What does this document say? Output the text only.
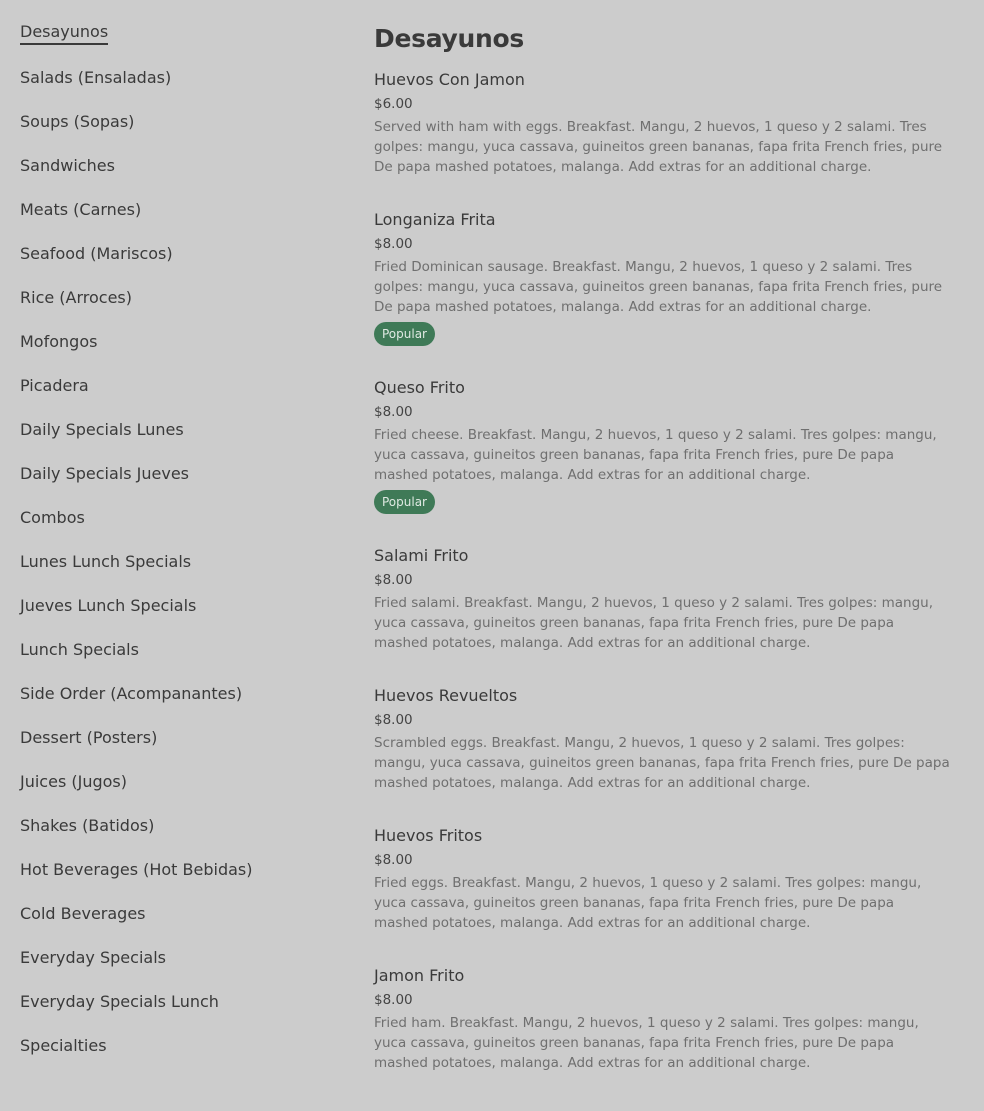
Desayunos
Salads (Ensaladas)
Soups (Sopas)
Sandwiches
Meats (Carnes)
Seafood (Mariscos)
Rice (Arroces)
Mofongos
Picadera
Daily Specials Lunes
Daily Specials Jueves
Combos
Lunes Lunch Specials
Jueves Lunch Specials
Lunch Specials
Side Order (Acompanantes)
Dessert (Posters)
Juices (Jugos)
Shakes (Batidos)
Hot Beverages (Hot Bebidas)
Cold Beverages
Everyday Specials
Everyday Specials Lunch
Specialties
Desayunos
Huevos Con Jamon
$6.00
Served with ham with eggs. Breakfast. Mangu, 2 huevos, 1 queso y 2 salami. Tres golpes: mangu, yuca cassava, guineitos green bananas, fapa frita French fries, pure De papa mashed potatoes, malanga. Add extras for an additional charge.
Longaniza Frita
$8.00
Fried Dominican sausage. Breakfast. Mangu, 2 huevos, 1 queso y 2 salami. Tres golpes: mangu, yuca cassava, guineitos green bananas, fapa frita French fries, pure De papa mashed potatoes, malanga. Add extras for an additional charge.
Popular
Queso Frito
$8.00
Fried cheese. Breakfast. Mangu, 2 huevos, 1 queso y 2 salami. Tres golpes: mangu, yuca cassava, guineitos green bananas, fapa frita French fries, pure De papa mashed potatoes, malanga. Add extras for an additional charge.
Popular
Salami Frito
$8.00
Fried salami. Breakfast. Mangu, 2 huevos, 1 queso y 2 salami. Tres golpes: mangu, yuca cassava, guineitos green bananas, fapa frita French fries, pure De papa mashed potatoes, malanga. Add extras for an additional charge.
Huevos Revueltos
$8.00
Scrambled eggs. Breakfast. Mangu, 2 huevos, 1 queso y 2 salami. Tres golpes: mangu, yuca cassava, guineitos green bananas, fapa frita French fries, pure De papa mashed potatoes, malanga. Add extras for an additional charge.
Huevos Fritos
$8.00
Fried eggs. Breakfast. Mangu, 2 huevos, 1 queso y 2 salami. Tres golpes: mangu, yuca cassava, guineitos green bananas, fapa frita French fries, pure De papa mashed potatoes, malanga. Add extras for an additional charge.
Jamon Frito
$8.00
Fried ham. Breakfast. Mangu, 2 huevos, 1 queso y 2 salami. Tres golpes: mangu, yuca cassava, guineitos green bananas, fapa frita French fries, pure De papa mashed potatoes, malanga. Add extras for an additional charge.
